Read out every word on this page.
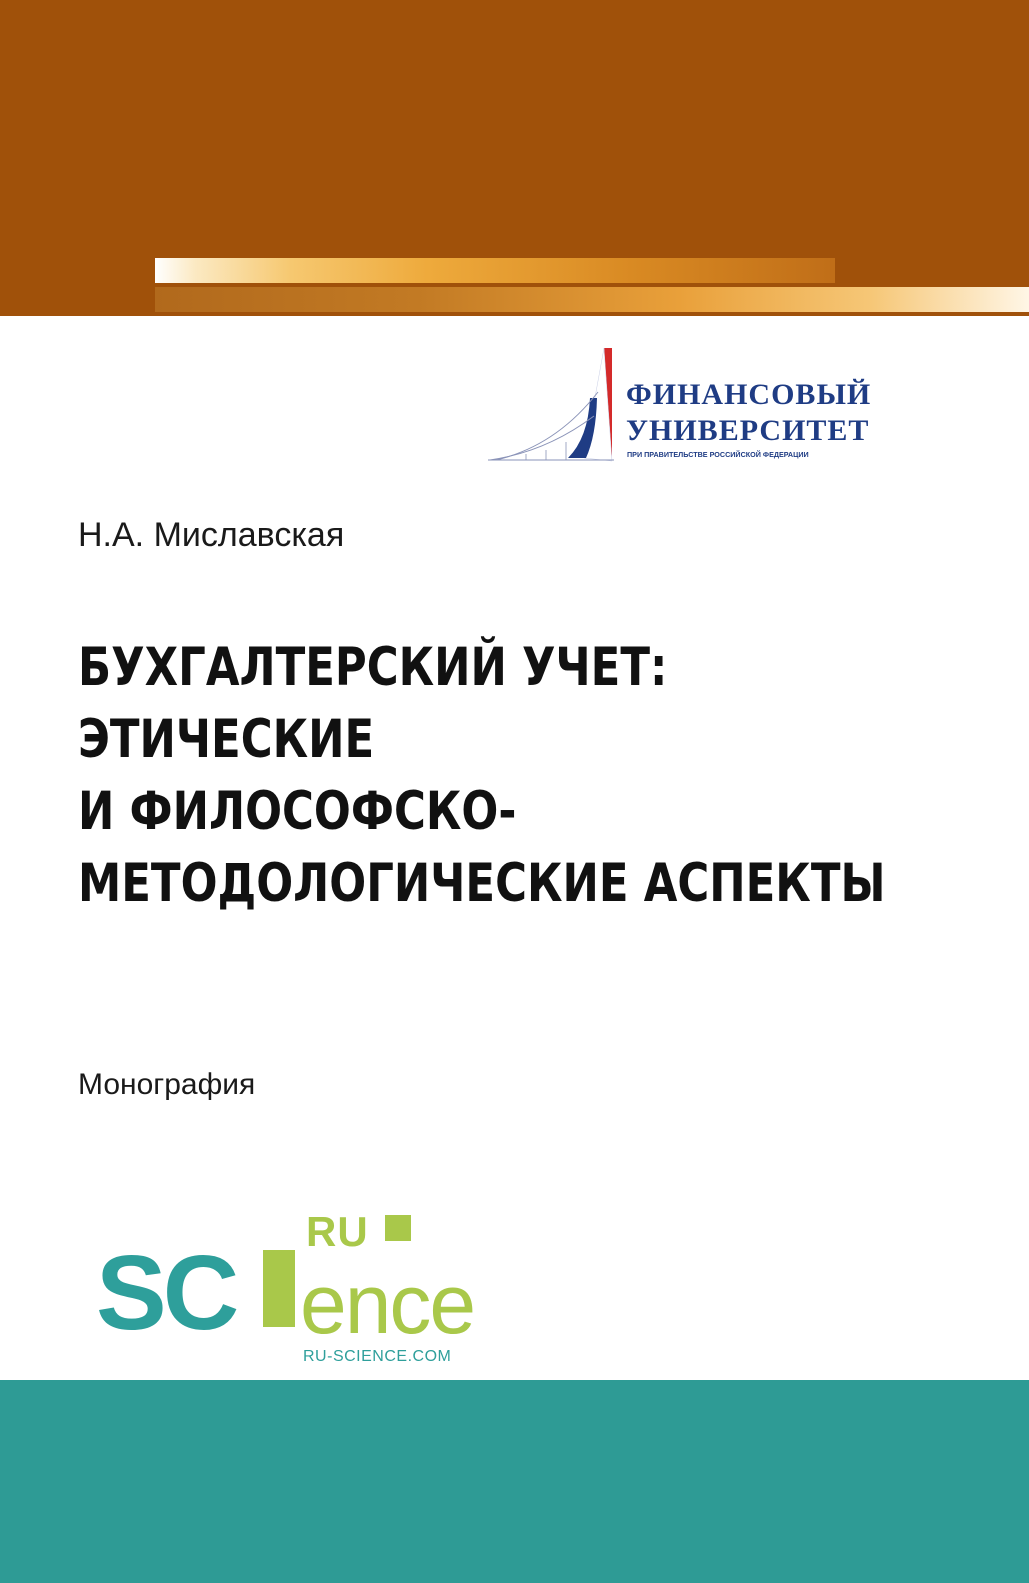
ФИНАНСОВЫЙ
УНИВЕРСИТЕТ
ПРИ ПРАВИТЕЛЬСТВЕ РОССИЙСКОЙ ФЕДЕРАЦИИ
Н.А. Миславская
БУХГАЛТЕРСКИЙ УЧЕТ:
ЭТИЧЕСКИЕ
И ФИЛОСОФСКО-
МЕТОДОЛОГИЧЕСКИЕ АСПЕКТЫ
Монография
RU
SC ence
RU-SCIENCE.COM
